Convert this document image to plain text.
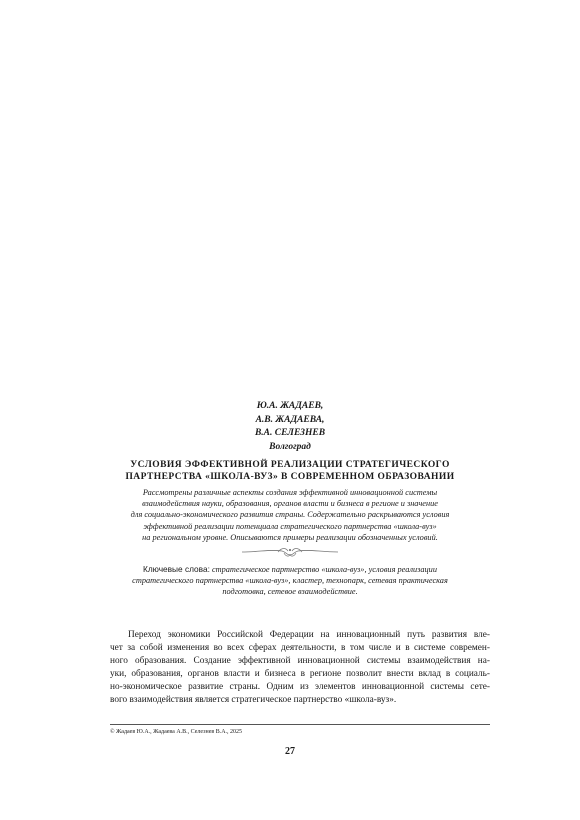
Ю.А. ЖАДАЕВ,
А.В. ЖАДАЕВА,
В.А. СЕЛЕЗНЕВ
Волгоград
УСЛОВИЯ ЭФФЕКТИВНОЙ РЕАЛИЗАЦИИ СТРАТЕГИЧЕСКОГО
ПАРТНЕРСТВА «ШКОЛА-ВУЗ» В СОВРЕМЕННОМ ОБРАЗОВАНИИ
Рассмотрены различные аспекты создания эффективной инновационной системы
взаимодействия науки, образования, органов власти и бизнеса в регионе и значение
для социально-экономического развития страны. Содержательно раскрываются условия
эффективной реализации потенциала стратегического партнерства «школа-вуз»
на региональном уровне. Описываются примеры реализации обозначенных условий.
Ключевые слова: стратегическое партнерство «школа-вуз», условия реализации
стратегического партнерства «школа-вуз», кластер, технопарк, сетевая практическая
подготовка, сетевое взаимодействие.
Переход экономики Российской Федерации на инновационный путь развития вле-
чет за собой изменения во всех сферах деятельности, в том числе и в системе современ-
ного образования. Создание эффективной инновационной системы взаимодействия на-
уки, образования, органов власти и бизнеса в регионе позволит внести вклад в социаль-
но-экономическое развитие страны. Одним из элементов инновационной системы сете-
вого взаимодействия является стратегическое партнерство «школа-вуз».
© Жадаев Ю.А., Жадаева А.В., Селезнев В.А., 2025
27
